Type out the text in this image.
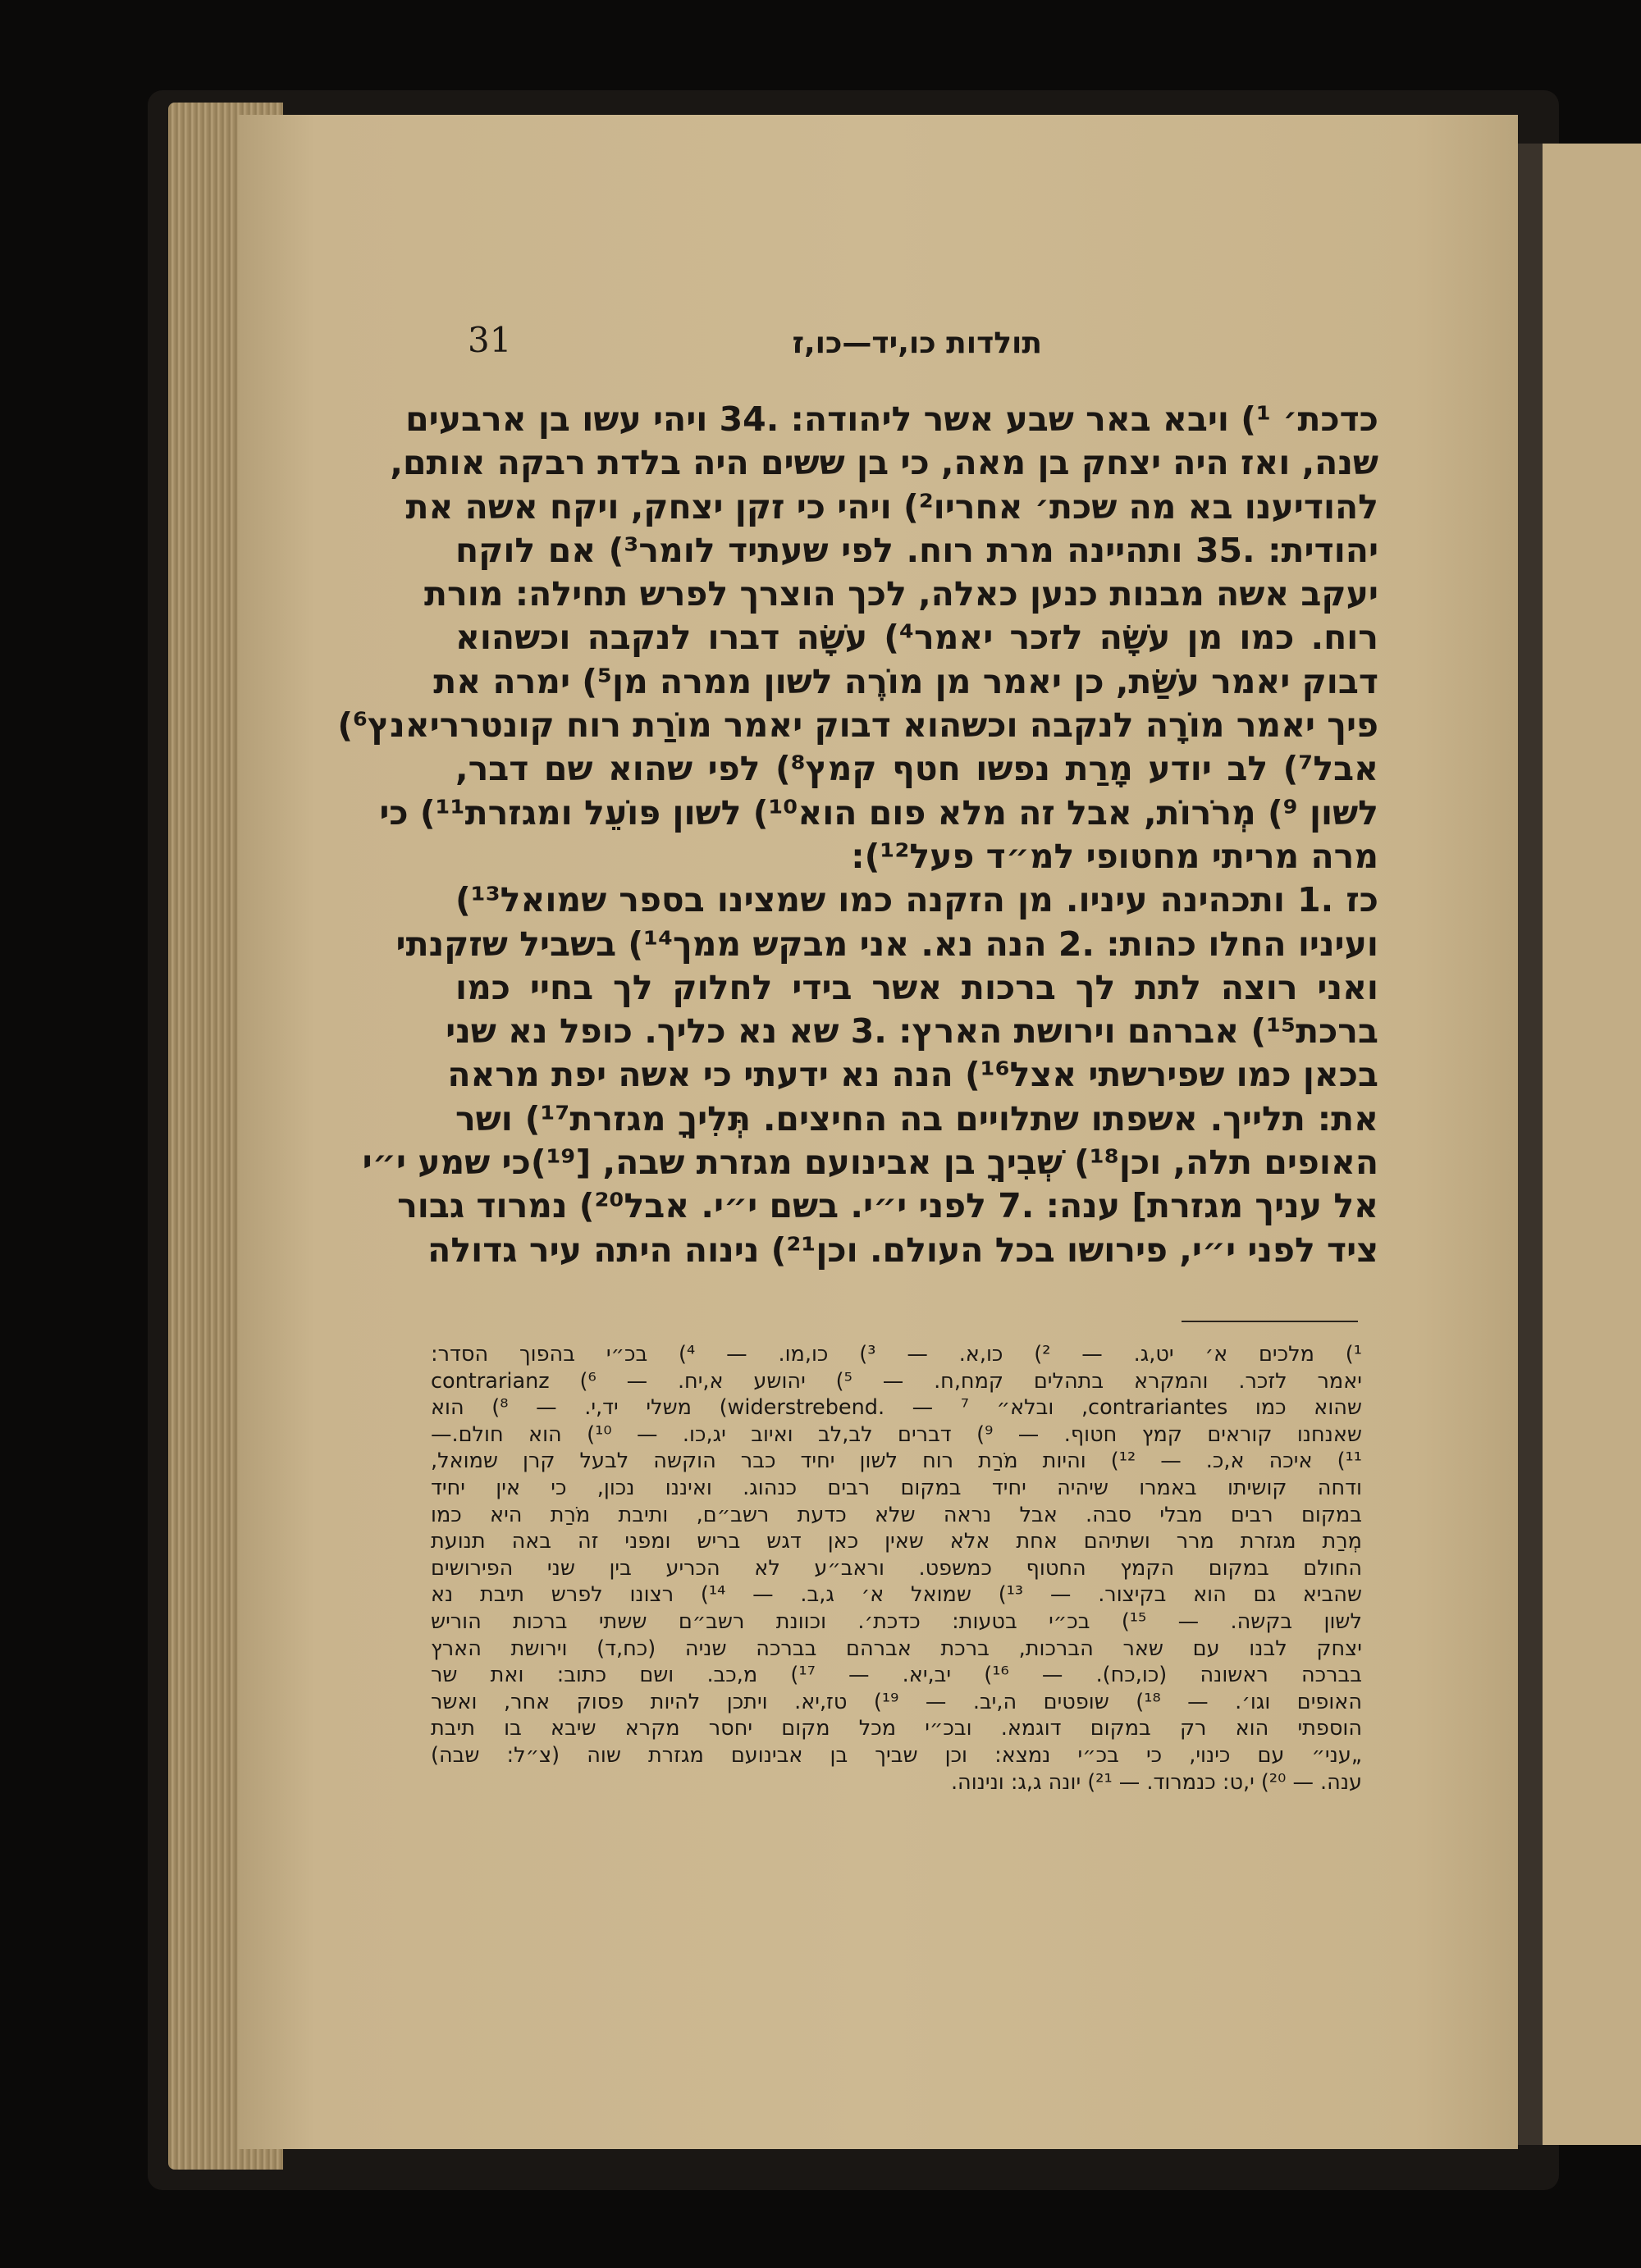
31	תולדות כו,יד—כו,ז
כדכת׳ ¹) ויבא באר שבע אשר ליהודה: .34 ויהי עשו בן ארבעים
שנה, ואז היה יצחק בן מאה, כי בן ששים היה בלדת רבקה אותם,
להודיענו בא מה שכת׳ אחריו²) ויהי כי זקן יצחק, ויקח אשה את
יהודית: .35 ותהיינה מרת רוח. לפי שעתיד לומר³) אם לוקח
יעקב אשה מבנות כנען כאלה, לכך הוצרך לפרש תחילה: מורת
רוח. כמו מן עֹשָׂה לזכר יאמר⁴) עֹשָׂה דברו לנקבה וכשהוא
דבוק יאמר עֹשַׂת, כן יאמר מן מוֹרֶה לשון ממרה מן⁵) ימרה את
פיך יאמר מוֹרָה לנקבה וכשהוא דבוק יאמר מוֹרַת רוח קונטרריאנץ⁶)
אבל⁷) לב יודע מָרַת נפשו חטף קמץ⁸) לפי שהוא שם דבר,
לשון ⁹) מְרֹרוֹת, אבל זה מלא פום הוא¹⁰) לשון פּוֹעֵל ומגזרת¹¹) כי
מרה מריתי מחטופי למ״ד פעל¹²):
כז .1 ותכהינה עיניו. מן הזקנה כמו שמצינו בספר שמואל¹³)
ועיניו החלו כהות: .2 הנה נא. אני מבקש ממך¹⁴) בשביל שזקנתי
ואני רוצה לתת לך ברכות אשר בידי לחלוק לך בחיי כמו
ברכת¹⁵) אברהם וירושת הארץ: .3 שא נא כליך. כופל נא שני
בכאן כמו שפירשתי אצל¹⁶) הנה נא ידעתי כי אשה יפת מראה
את: תלייך. אשפתו שתלויים בה החיצים. תְּלִיךָ מגזרת¹⁷) ושר
האופים תלה, וכן¹⁸) שְׁבִיךָ בן אבינועם מגזרת שבה, [¹⁹)כי שמע י״י
אל עניך מגזרת] ענה: .7 לפני י״י. בשם י״י. אבל²⁰) נמרוד גבור
ציד לפני י״י, פירושו בכל העולם. וכן²¹) נינוה היתה עיר גדולה
¹) מלכים א׳ יט,ג. — ²) כו,א. — ³) כו,מו. — ⁴) בכ״י בהפוך הסדר:
יאמר לזכר. והמקרא בתהלים קמח,ח. — ⁵) יהושע א,יח. — ⁶) contrarianz
שהוא כמו contrariantes, ובלא״ widerstrebend. — ⁷) משלי יד,י. — ⁸) הוא
שאנחנו קוראים קמץ חטוף. — ⁹) דברים לב,לב ואיוב יג,כו. — ¹⁰) הוא חולם.—
¹¹) איכה א,כ. — ¹²) והיות מֹרַת רוח לשון יחיד כבר הוקשה לבעל קרן שמואל,
ודחה קושיתו באמרו שיהיה יחיד במקום רבים כנהוג. ואיננו נכון, כי אין יחיד
במקום רבים מבלי סבה. אבל נראה שלא כדעת רשב״ם, ותיבת מֹרַת היא כמו
מְרַת מגזרת מרר ושתיהם אחת אלא שאין כאן דגש בריש ומפני זה באה תנועת
החולם במקום הקמץ החטוף כמשפט. וראב״ע לא הכריע בין שני הפירושים
שהביא גם הוא בקיצור. — ¹³) שמואל א׳ ג,ב. — ¹⁴) רצונו לפרש תיבת נא
לשון בקשה. — ¹⁵) בכ״י בטעות: כדכת׳. וכוונת רשב״ם ששתי ברכות הוריש
יצחק לבנו עם שאר הברכות, ברכת אברהם בברכה שניה (כח,ד) וירושת הארץ
בברכה ראשונה (כו,כח). — ¹⁶) יב,יא. — ¹⁷) מ,כב. ושם כתוב: ואת שר
האופים וגו׳. — ¹⁸) שופטים ה,יב. — ¹⁹) טז,יא. ויתכן להיות פסוק אחר, ואשר
הוספתי הוא רק במקום דוגמא. ובכ״י מכל מקום יחסר מקרא שיבא בו תיבת
„עני״ עם כינוי, כי בכ״י נמצא: וכן שביך בן אבינועם מגזרת שוה (צ״ל: שבה)
ענה. — ²⁰) י,ט: כנמרוד. — ²¹) יונה ג,ג: ונינוה.
